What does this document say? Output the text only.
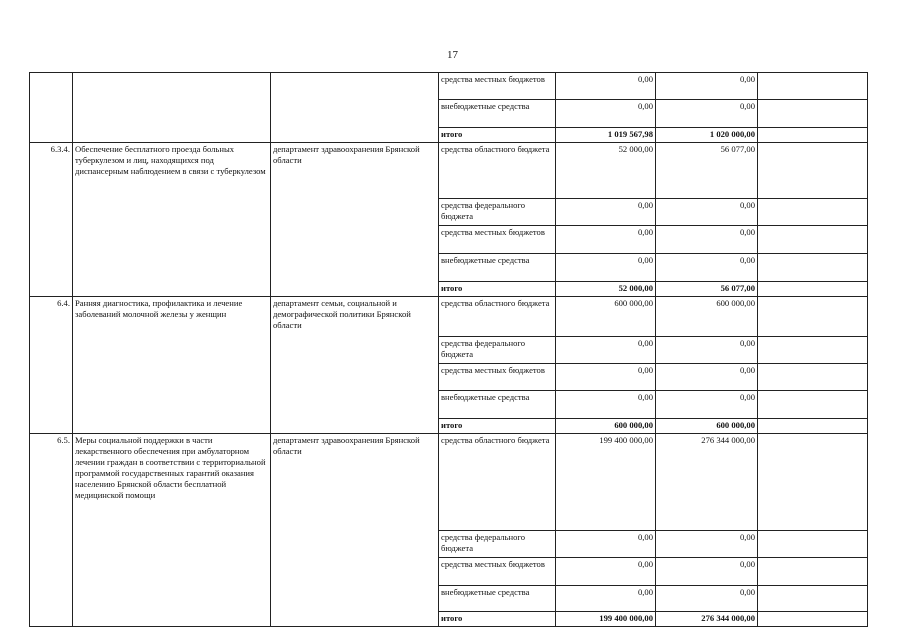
17
			средства местных бюджетов	0,00	0,00	
			внебюджетные средства	0,00	0,00	
			итого	1 019 567,98	1 020 000,00	
6.3.4.	Обеспечение бесплатного проезда больных туберкулезом и лиц, находящихся под диспансерным наблюдением в связи с туберкулезом	департамент здравоохранения Брянской области	средства областного бюджета	52 000,00	56 077,00	
			средства федерального бюджета	0,00	0,00	
			средства местных бюджетов	0,00	0,00	
			внебюджетные средства	0,00	0,00	
			итого	52 000,00	56 077,00	
6.4.	Ранняя диагностика, профилактика и лечение заболеваний молочной железы у женщин	департамент семьи, социальной и демографической политики Брянской области	средства областного бюджета	600 000,00	600 000,00	
			средства федерального бюджета	0,00	0,00	
			средства местных бюджетов	0,00	0,00	
			внебюджетные средства	0,00	0,00	
			итого	600 000,00	600 000,00	
6.5.	Меры социальной поддержки в части лекарственного обеспечения при амбулаторном лечении граждан в соответствии с территориальной программой государственных гарантий оказания населению Брянской области бесплатной медицинской помощи	департамент здравоохранения Брянской области	средства областного бюджета	199 400 000,00	276 344 000,00	
			средства федерального бюджета	0,00	0,00	
			средства местных бюджетов	0,00	0,00	
			внебюджетные средства	0,00	0,00	
			итого	199 400 000,00	276 344 000,00	
